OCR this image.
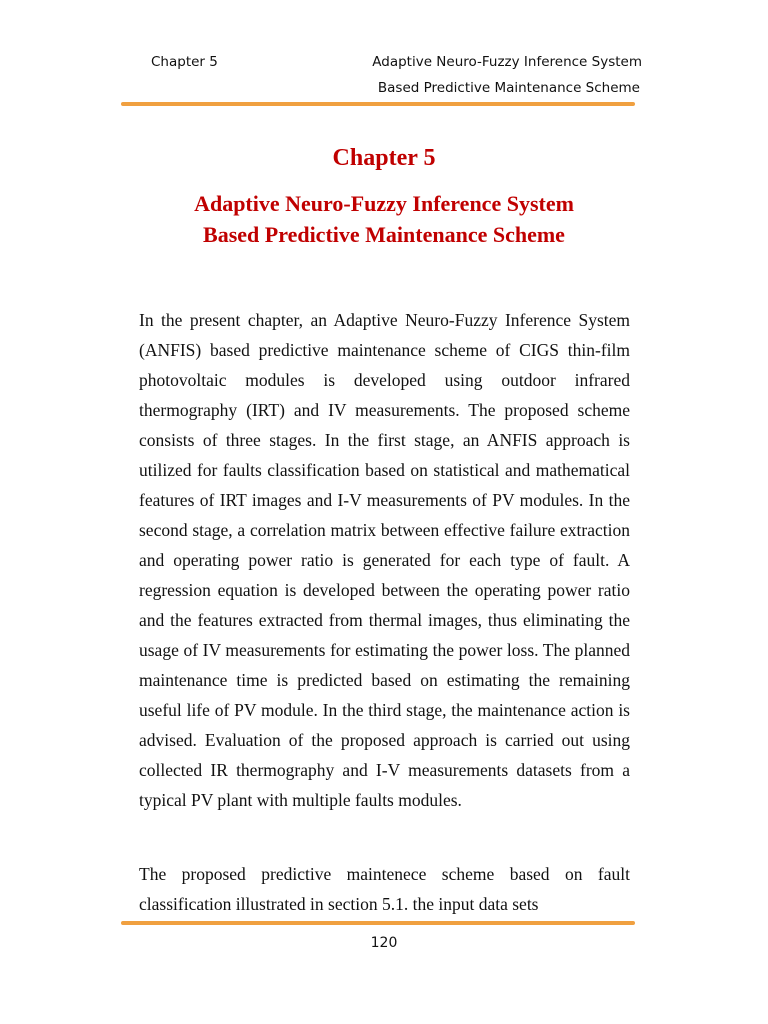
Chapter 5	Adaptive Neuro-Fuzzy Inference System
Based Predictive Maintenance Scheme
Chapter 5
Adaptive Neuro-Fuzzy Inference System
Based Predictive Maintenance Scheme

In the present chapter, an Adaptive Neuro-Fuzzy Inference System (ANFIS) based predictive maintenance scheme of CIGS thin-film photovoltaic modules is developed using outdoor infrared thermography (IRT) and IV measurements. The proposed scheme consists of three stages. In the first stage, an ANFIS approach is utilized for faults classification based on statistical and mathematical features of IRT images and I-V measurements of PV modules. In the second stage, a correlation matrix between effective failure extraction and operating power ratio is generated for each type of fault. A regression equation is developed between the operating power ratio and the features extracted from thermal images, thus eliminating the usage of IV measurements for estimating the power loss. The planned maintenance time is predicted based on estimating the remaining useful life of PV module. In the third stage, the maintenance action is advised. Evaluation of the proposed approach is carried out using collected IR thermography and I-V measurements datasets from a typical PV plant with multiple faults modules.

The proposed predictive maintenece scheme based on fault classification illustrated in section 5.1. the input data sets

120
